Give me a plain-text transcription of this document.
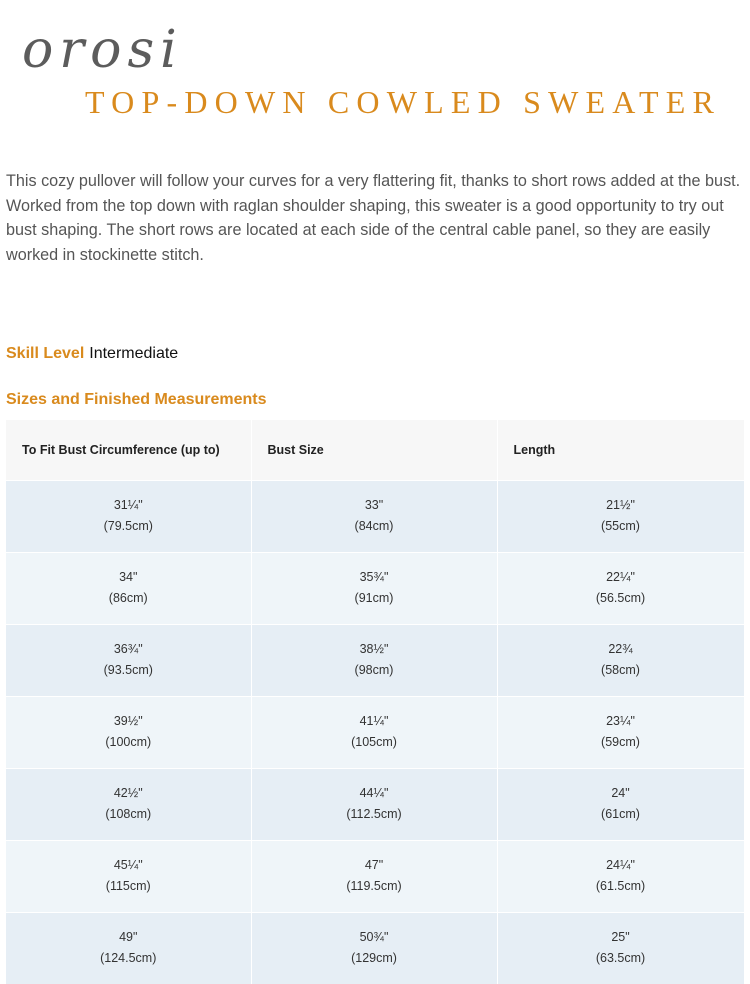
orosi
TOP-DOWN COWLED SWEATER

This cozy pullover will follow your curves for a very flattering fit, thanks to short rows added at the bust. Worked from the top down with raglan shoulder shaping, this sweater is a good opportunity to try out bust shaping. The short rows are located at each side of the central cable panel, so they are easily worked in stockinette stitch.

Skill Level Intermediate
Sizes and Finished Measurements
To Fit Bust Circumference (up to)	Bust Size	Length

31¼"
(79.5cm)	33"
(84cm)	21½"
(55cm)

34"
(86cm)	35¾"
(91cm)	22¼"
(56.5cm)

36¾"
(93.5cm)	38½"
(98cm)	22¾
(58cm)

39½"
(100cm)	41¼"
(105cm)	23¼"
(59cm)

42½"
(108cm)	44¼"
(112.5cm)	24"
(61cm)

45¼"
(115cm)	47"
(119.5cm)	24¼"
(61.5cm)

49"
(124.5cm)	50¾"
(129cm)	25"
(63.5cm)
